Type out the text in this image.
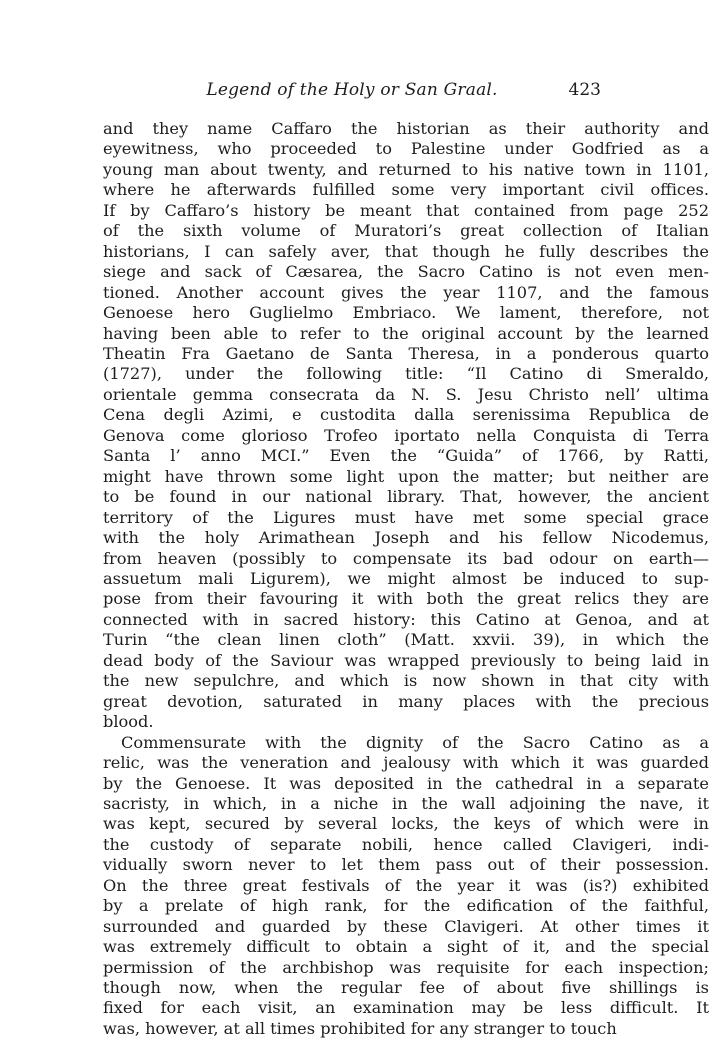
Legend of the Holy or San Graal.	423
and they name Caffaro the historian as their authority and
eyewitness, who proceeded to Palestine under Godfried as a
young man about twenty, and returned to his native town in 1101,
where he afterwards fulfilled some very important civil offices.
If by Caffaro’s history be meant that contained from page 252
of the sixth volume of Muratori’s great collection of Italian
historians, I can safely aver, that though he fully describes the
siege and sack of Cæsarea, the Sacro Catino is not even men-
tioned. Another account gives the year 1107, and the famous
Genoese hero Guglielmo Embriaco. We lament, therefore, not
having been able to refer to the original account by the learned
Theatin Fra Gaetano de Santa Theresa, in a ponderous quarto
(1727), under the following title: “Il Catino di Smeraldo,
orientale gemma consecrata da N. S. Jesu Christo nell’ ultima
Cena degli Azimi, e custodita dalla serenissima Republica de
Genova come glorioso Trofeo iportato nella Conquista di Terra
Santa l’ anno MCI.” Even the “Guida” of 1766, by Ratti,
might have thrown some light upon the matter; but neither are
to be found in our national library. That, however, the ancient
territory of the Ligures must have met some special grace
with the holy Arimathean Joseph and his fellow Nicodemus,
from heaven (possibly to compensate its bad odour on earth—
assuetum mali Ligurem), we might almost be induced to sup-
pose from their favouring it with both the great relics they are
connected with in sacred history: this Catino at Genoa, and at
Turin “the clean linen cloth” (Matt. xxvii. 39), in which the
dead body of the Saviour was wrapped previously to being laid in
the new sepulchre, and which is now shown in that city with
great devotion, saturated in many places with the precious
blood.
Commensurate with the dignity of the Sacro Catino as a
relic, was the veneration and jealousy with which it was guarded
by the Genoese. It was deposited in the cathedral in a separate
sacristy, in which, in a niche in the wall adjoining the nave, it
was kept, secured by several locks, the keys of which were in
the custody of separate nobili, hence called Clavigeri, indi-
vidually sworn never to let them pass out of their possession.
On the three great festivals of the year it was (is?) exhibited
by a prelate of high rank, for the edification of the faithful,
surrounded and guarded by these Clavigeri. At other times it
was extremely difficult to obtain a sight of it, and the special
permission of the archbishop was requisite for each inspection;
though now, when the regular fee of about five shillings is
fixed for each visit, an examination may be less difficult. It
was, however, at all times prohibited for any stranger to touch
